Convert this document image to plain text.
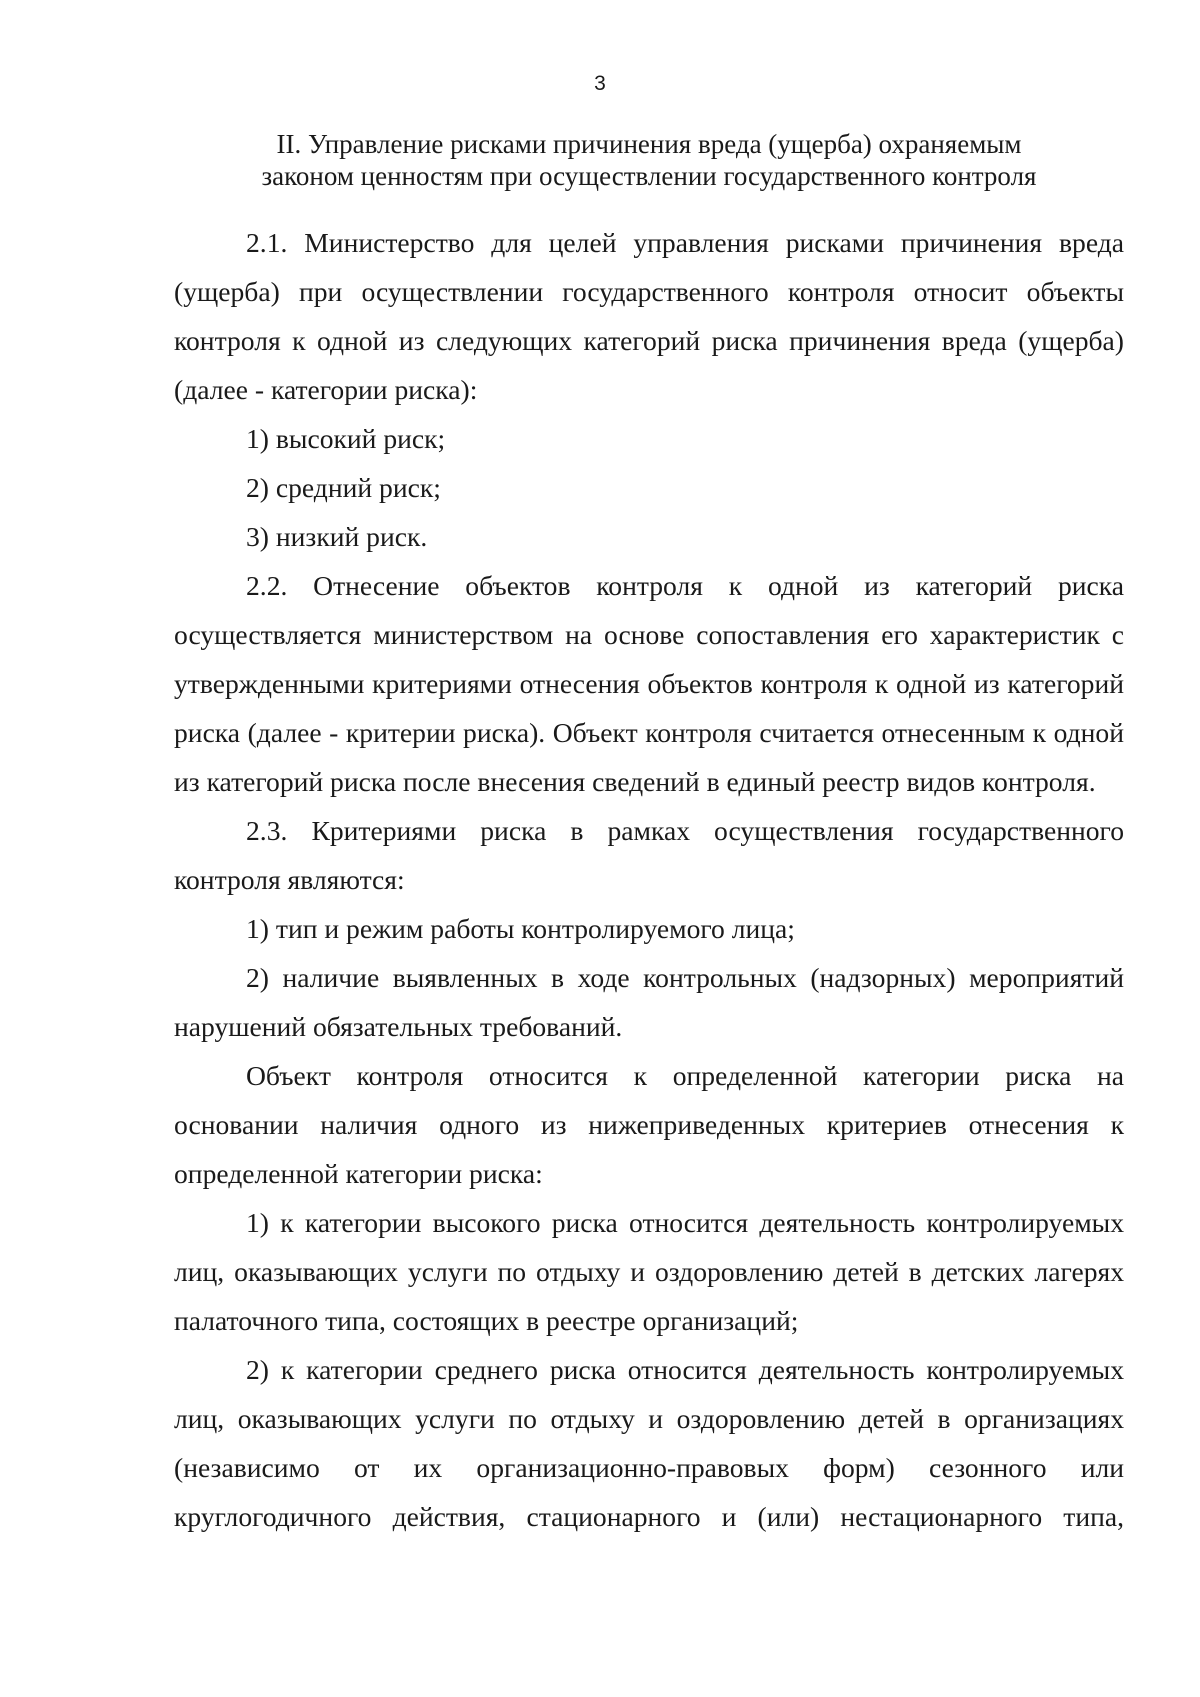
3
II. Управление рисками причинения вреда (ущерба) охраняемым
законом ценностям при осуществлении государственного контроля

2.1. Министерство для целей управления рисками причинения вреда (ущерба) при осуществлении государственного контроля относит объекты контроля к одной из следующих категорий риска причинения вреда (ущерба) (далее - категории риска):

1) высокий риск;

2) средний риск;

3) низкий риск.

2.2. Отнесение объектов контроля к одной из категорий риска осуществляется министерством на основе сопоставления его характеристик с утвержденными критериями отнесения объектов контроля к одной из категорий риска (далее - критерии риска). Объект контроля считается отнесенным к одной из категорий риска после внесения сведений в единый реестр видов контроля.

2.3. Критериями риска в рамках осуществления государственного контроля являются:

1) тип и режим работы контролируемого лица;

2) наличие выявленных в ходе контрольных (надзорных) мероприятий нарушений обязательных требований.

Объект контроля относится к определенной категории риска на основании наличия одного из нижеприведенных критериев отнесения к определенной категории риска:

1) к категории высокого риска относится деятельность контролируемых лиц, оказывающих услуги по отдыху и оздоровлению детей в детских лагерях палаточного типа, состоящих в реестре организаций;

2) к категории среднего риска относится деятельность контролируемых лиц, оказывающих услуги по отдыху и оздоровлению детей в организациях (независимо от их организационно-правовых форм) сезонного или круглогодичного действия, стационарного и (или) нестационарного типа,
